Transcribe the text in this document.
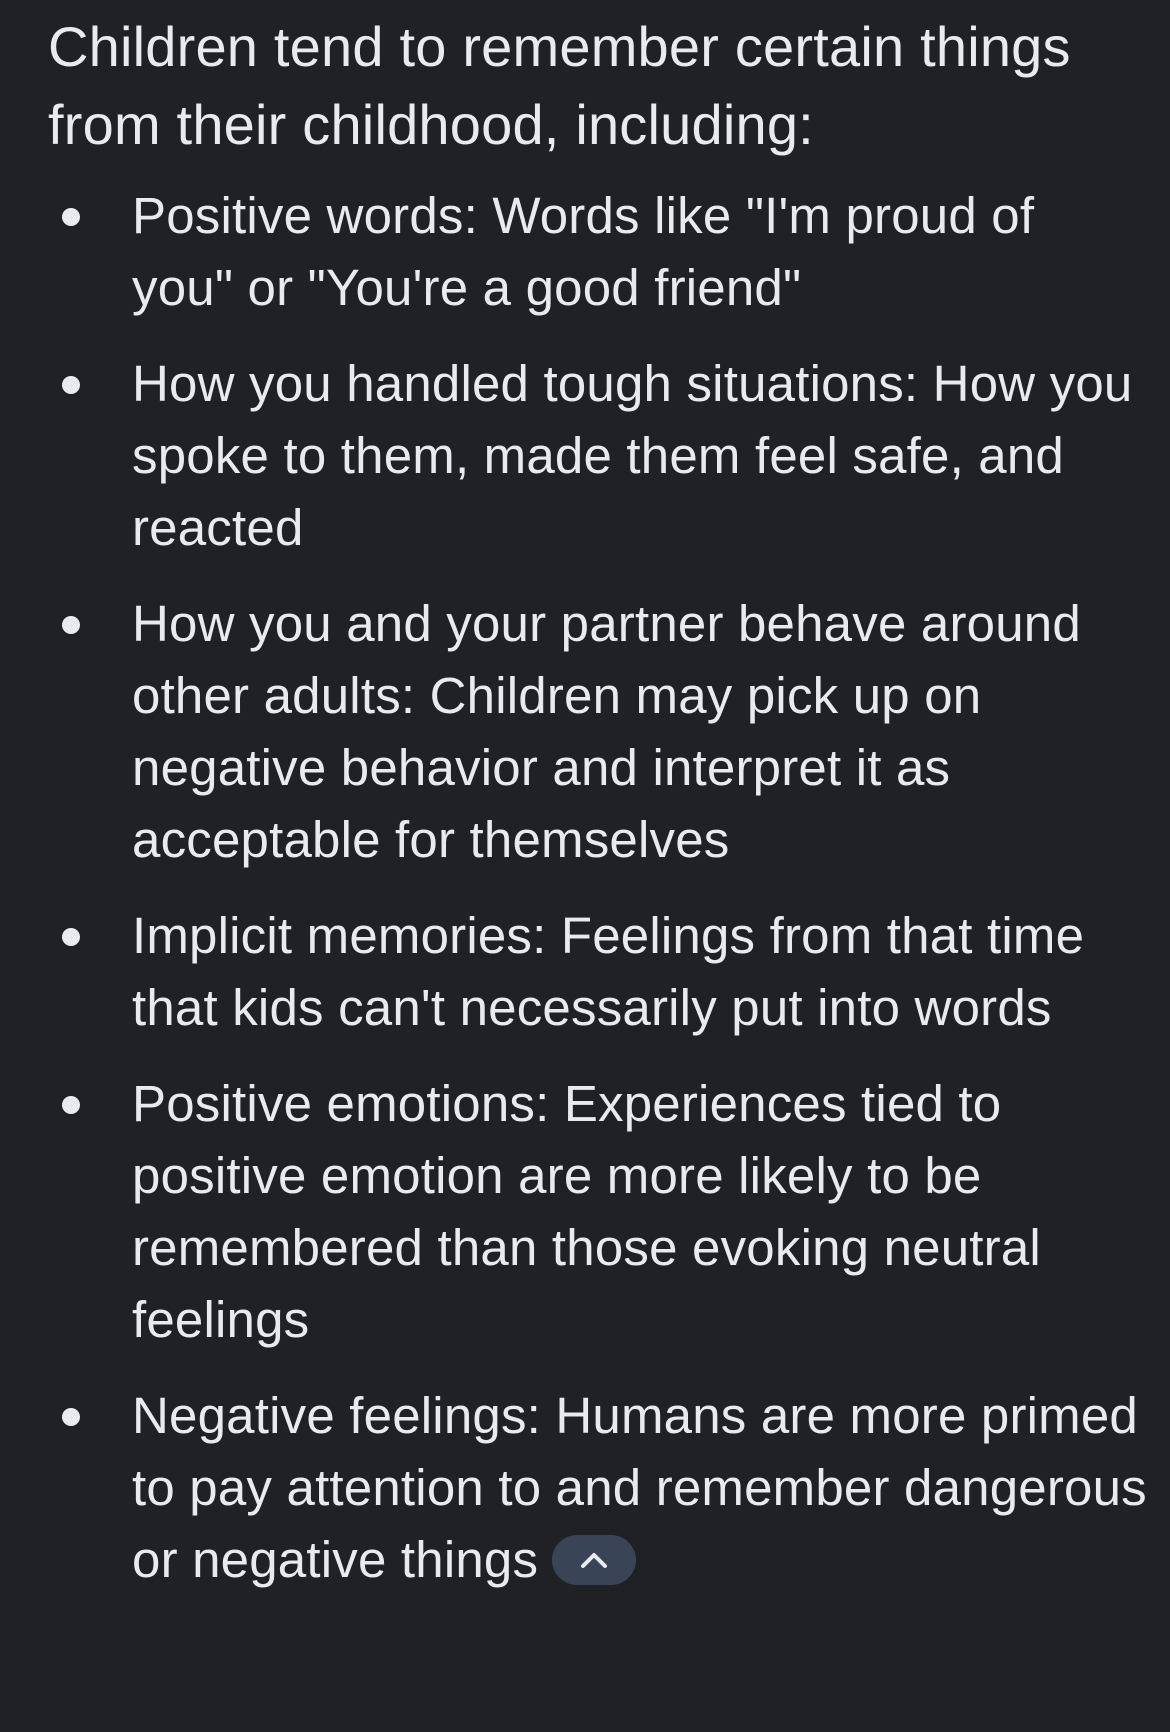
Children tend to remember certain things from their childhood, including:

Positive words: Words like "I'm proud of you" or "You're a good friend"
How you handled tough situations: How you spoke to them, made them feel safe, and reacted
How you and your partner behave around other adults: Children may pick up on negative behavior and interpret it as acceptable for themselves
Implicit memories: Feelings from that time that kids can't necessarily put into words
Positive emotions: Experiences tied to positive emotion are more likely to be remembered than those evoking neutral feelings
Negative feelings: Humans are more primed to pay attention to and remember dangerous or negative things
